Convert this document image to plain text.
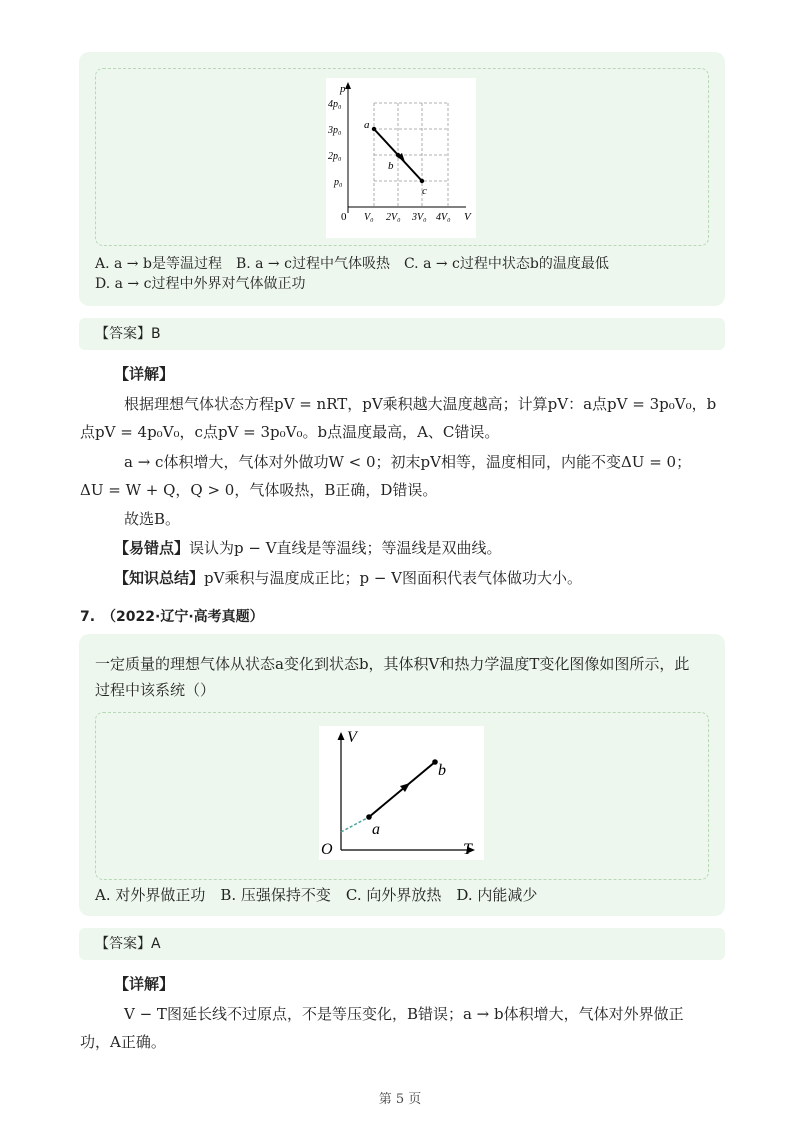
p
V
0
4p₀
3p₀
2p₀
p₀
V₀ 2V₀ 3V₀ 4V₀
a
b
c
A. a → b是等温过程　B. a → c过程中气体吸热　C. a → c过程中状态b的温度最低
D. a → c过程中外界对气体做正功
【答案】B
【详解】
根据理想气体状态方程pV = nRT，pV乘积越大温度越高；计算pV：a点pV = 3p₀V₀，b
点pV = 4p₀V₀，c点pV = 3p₀V₀。b点温度最高，A、C错误。
a → c体积增大，气体对外做功W < 0；初末pV相等，温度相同，内能不变ΔU = 0；
ΔU = W + Q，Q > 0，气体吸热，B正确，D错误。
故选B。
【易错点】误认为p − V直线是等温线；等温线是双曲线。
【知识总结】pV乘积与温度成正比；p − V图面积代表气体做功大小。
7.　（2022·辽宁·高考真题）
一定质量的理想气体从状态a变化到状态b，其体积V和热力学温度T变化图像如图所示，此
过程中该系统（）
V
T
O
a
b
A. 对外界做正功　B. 压强保持不变　C. 向外界放热　D. 内能减少
【答案】A
【详解】
V − T图延长线不过原点，不是等压变化，B错误；a → b体积增大，气体对外界做正
功，A正确。
第 5 页
